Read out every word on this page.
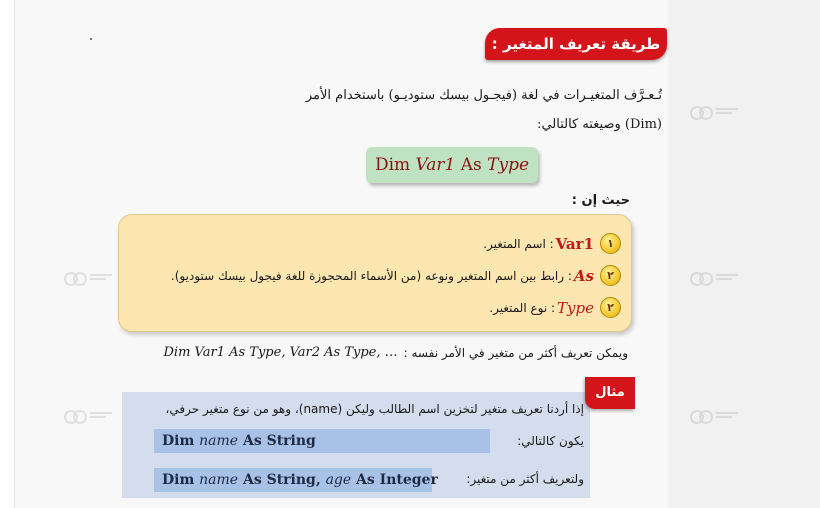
طريقة تعريف المتغير :
تُـعـرَّف المتغيـرات في لغة (فيجـول بيسك ستوديـو) باستخدام الأمر
(Dim) وصيغته كالتالي:
Dim Var1 As Type
حيث إن :
١
Var1
: اسم المتغير.
٢
As
: رابط بين اسم المتغير ونوعه (من الأسماء المحجوزة للغة فيجول بيسك ستوديو).
٢
Type
: نوع المتغير.
ويمكن تعريف أكثر من متغير في الأمر نفسه :
Dim Var1 As Type, Var2 As Type, …
مثال
إذا أردنا تعريف متغير لتخزين اسم الطالب وليكن (name)، وهو من نوع متغير حرفي،
يكون كالتالي:
Dim name As String
ولتعريف أكثر من متغير:
Dim name As String, age As Integer
